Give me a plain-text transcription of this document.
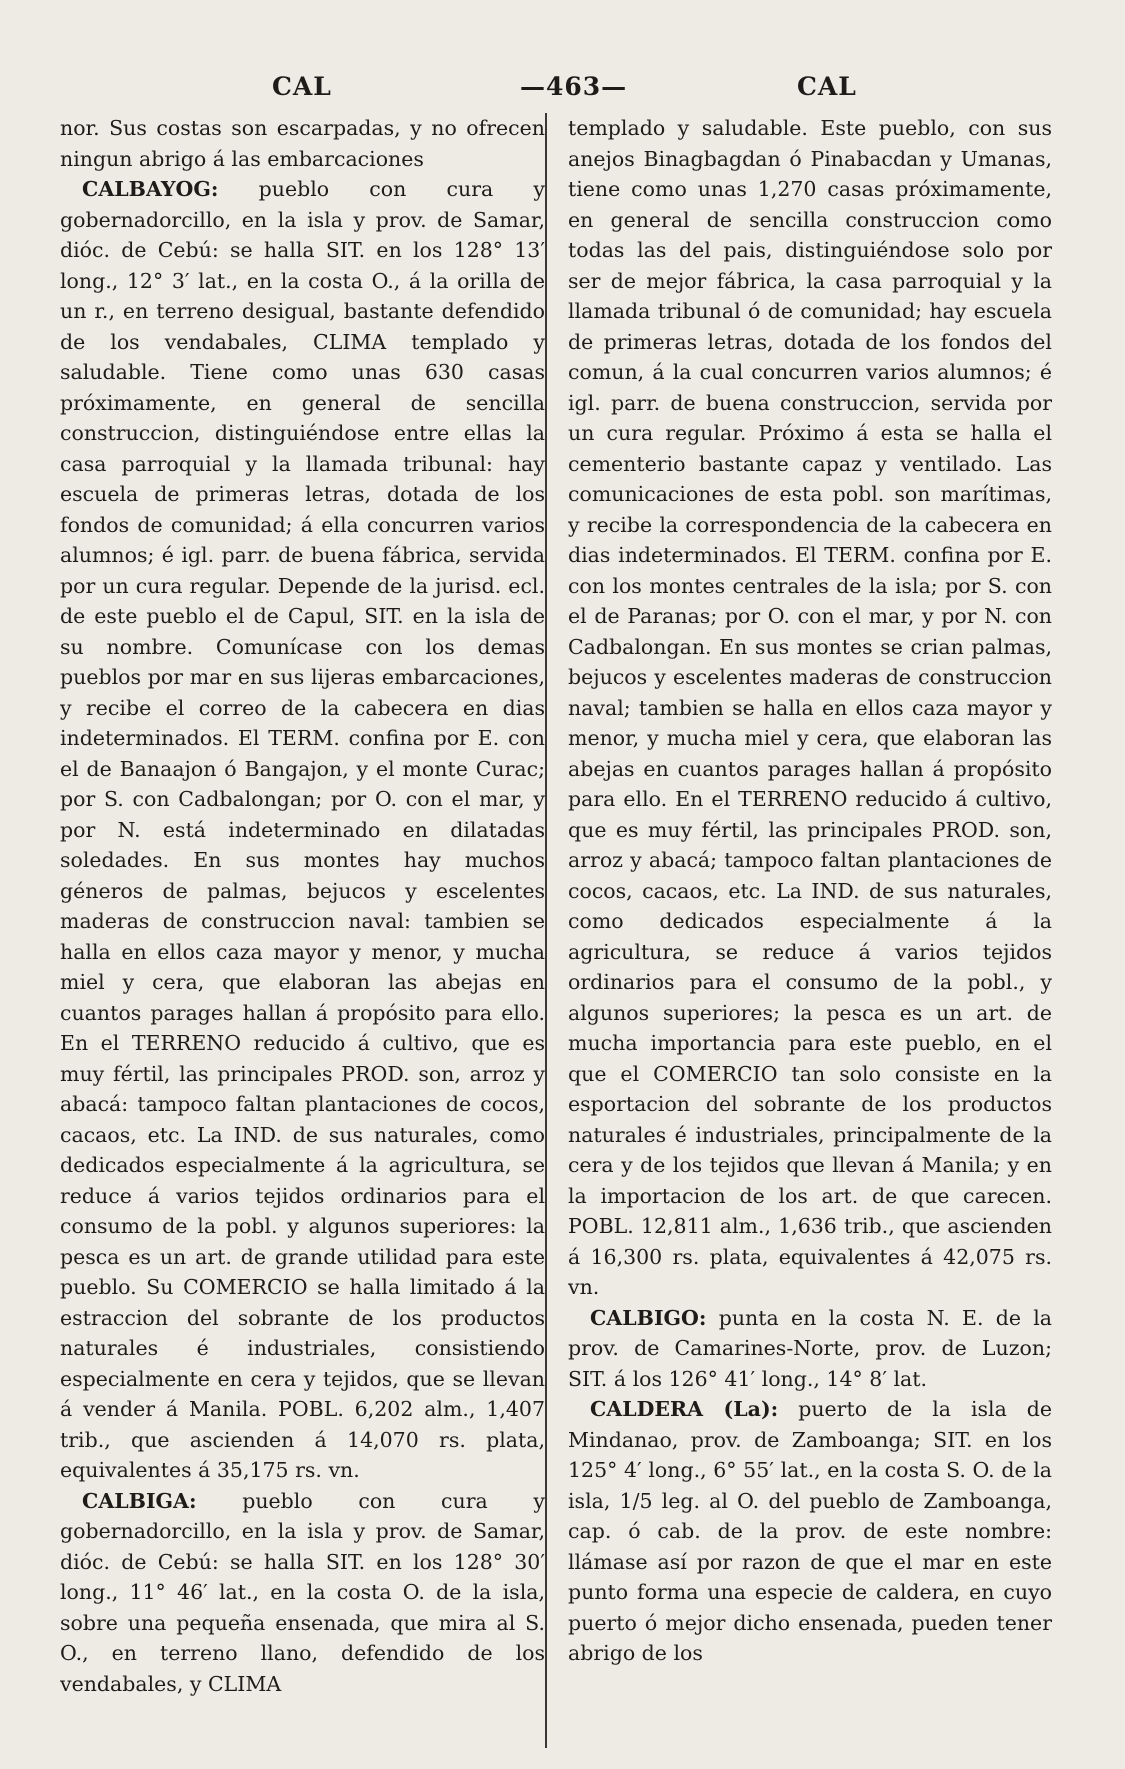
CAL	—463—	CAL

nor. Sus costas son escarpadas, y no ofrecen ningun abrigo á las embarcaciones

CALBAYOG: pueblo con cura y gobernadorcillo, en la isla y prov. de Samar, dióc. de Cebú: se halla SIT. en los 128° 13′ long., 12° 3′ lat., en la costa O., á la orilla de un r., en terreno desigual, bastante defendido de los vendabales, CLIMA templado y saludable. Tiene como unas 630 casas próximamente, en general de sencilla construccion, distinguiéndose entre ellas la casa parroquial y la llamada tribunal: hay escuela de primeras letras, dotada de los fondos de comunidad; á ella concurren varios alumnos; é igl. parr. de buena fábrica, servida por un cura regular. Depende de la jurisd. ecl. de este pueblo el de Capul, SIT. en la isla de su nombre. Comunícase con los demas pueblos por mar en sus lijeras embarcaciones, y recibe el correo de la cabecera en dias indeterminados. El TERM. confina por E. con el de Banaajon ó Bangajon, y el monte Curac; por S. con Cadbalongan; por O. con el mar, y por N. está indeterminado en dilatadas soledades. En sus montes hay muchos géneros de palmas, bejucos y escelentes maderas de construccion naval: tambien se halla en ellos caza mayor y menor, y mucha miel y cera, que elaboran las abejas en cuantos parages hallan á propósito para ello. En el TERRENO reducido á cultivo, que es muy fértil, las principales PROD. son, arroz y abacá: tampoco faltan plantaciones de cocos, cacaos, etc. La IND. de sus naturales, como dedicados especialmente á la agricultura, se reduce á varios tejidos ordinarios para el consumo de la pobl. y algunos superiores: la pesca es un art. de grande utilidad para este pueblo. Su COMERCIO se halla limitado á la estraccion del sobrante de los productos naturales é industriales, consistiendo especialmente en cera y tejidos, que se llevan á vender á Manila. POBL. 6,202 alm., 1,407 trib., que ascienden á 14,070 rs. plata, equivalentes á 35,175 rs. vn.

CALBIGA: pueblo con cura y gobernadorcillo, en la isla y prov. de Samar, dióc. de Cebú: se halla SIT. en los 128° 30′ long., 11° 46′ lat., en la costa O. de la isla, sobre una pequeña ensenada, que mira al S. O., en terreno llano, defendido de los vendabales, y CLIMA

templado y saludable. Este pueblo, con sus anejos Binagbagdan ó Pinabacdan y Umanas, tiene como unas 1,270 casas próximamente, en general de sencilla construccion como todas las del pais, distinguiéndose solo por ser de mejor fábrica, la casa parroquial y la llamada tribunal ó de comunidad; hay escuela de primeras letras, dotada de los fondos del comun, á la cual concurren varios alumnos; é igl. parr. de buena construccion, servida por un cura regular. Próximo á esta se halla el cementerio bastante capaz y ventilado. Las comunicaciones de esta pobl. son marítimas, y recibe la correspondencia de la cabecera en dias indeterminados. El TERM. confina por E. con los montes centrales de la isla; por S. con el de Paranas; por O. con el mar, y por N. con Cadbalongan. En sus montes se crian palmas, bejucos y escelentes maderas de construccion naval; tambien se halla en ellos caza mayor y menor, y mucha miel y cera, que elaboran las abejas en cuantos parages hallan á propósito para ello. En el TERRENO reducido á cultivo, que es muy fértil, las principales PROD. son, arroz y abacá; tampoco faltan plantaciones de cocos, cacaos, etc. La IND. de sus naturales, como dedicados especialmente á la agricultura, se reduce á varios tejidos ordinarios para el consumo de la pobl., y algunos superiores; la pesca es un art. de mucha importancia para este pueblo, en el que el COMERCIO tan solo consiste en la esportacion del sobrante de los productos naturales é industriales, principalmente de la cera y de los tejidos que llevan á Manila; y en la importacion de los art. de que carecen. POBL. 12,811 alm., 1,636 trib., que ascienden á 16,300 rs. plata, equivalentes á 42,075 rs. vn.

CALBIGO: punta en la costa N. E. de la prov. de Camarines-Norte, prov. de Luzon; SIT. á los 126° 41′ long., 14° 8′ lat.

CALDERA (La): puerto de la isla de Mindanao, prov. de Zamboanga; SIT. en los 125° 4′ long., 6° 55′ lat., en la costa S. O. de la isla, 1/5 leg. al O. del pueblo de Zamboanga, cap. ó cab. de la prov. de este nombre: llámase así por razon de que el mar en este punto forma una especie de caldera, en cuyo puerto ó mejor dicho ensenada, pueden tener abrigo de los
